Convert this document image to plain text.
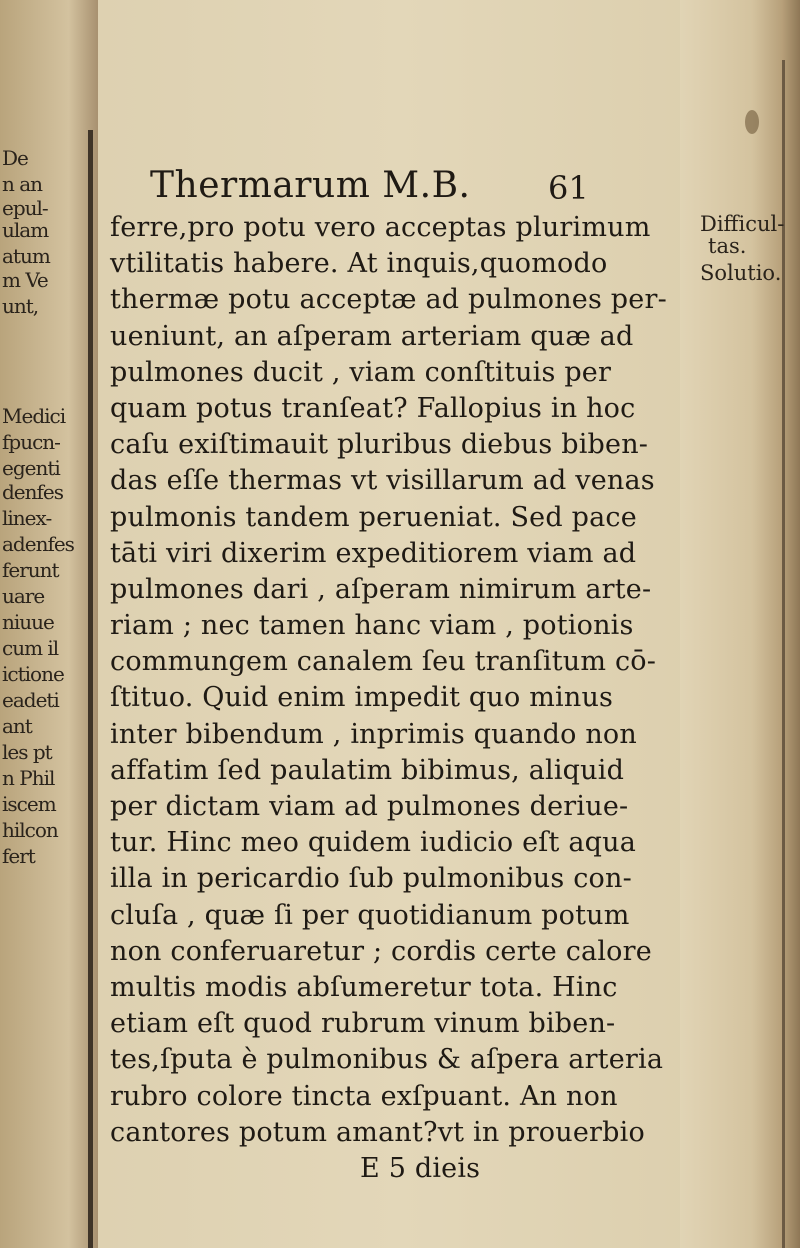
De
n an
epul-
ulam
atum
m Ve
unt,
Medici
fpucn-
egenti
denfes
linex-
adenfes
ferunt
uare
niuue
cum il
ictione
eadeti
ant
les pt
n Phil
iscem
hilcon
fert
Thermarum M.B. 61
Difficul-
tas.
Solutio.
ferre,pro potu vero acceptas plurimum
vtilitatis habere. At inquis,quomodo
thermæ potu acceptæ ad pulmones per-
ueniunt, an aſperam arteriam quæ ad
pulmones ducit , viam conſtituis per
quam potus tranſeat? Fallopius in hoc
caſu exiſtimauit pluribus diebus biben-
das eſſe thermas vt visillarum ad venas
pulmonis tandem perueniat. Sed pace
tāti viri dixerim expeditiorem viam ad
pulmones dari , aſperam nimirum arte-
riam ; nec tamen hanc viam , potionis
commungem canalem ſeu tranſitum cō-
ſtituo. Quid enim impedit quo minus
inter bibendum , inprimis quando non
affatim ſed paulatim bibimus, aliquid
per dictam viam ad pulmones deriue-
tur. Hinc meo quidem iudicio eſt aqua
illa in pericardio ſub pulmonibus con-
cluſa , quæ ſi per quotidianum potum
non conferuaretur ; cordis certe calore
multis modis abſumeretur tota. Hinc
etiam eſt quod rubrum vinum biben-
tes,ſputa è pulmonibus & aſpera arteria
rubro colore tincta exſpuant. An non
cantores potum amant?vt in prouerbio
E 5 dieis
